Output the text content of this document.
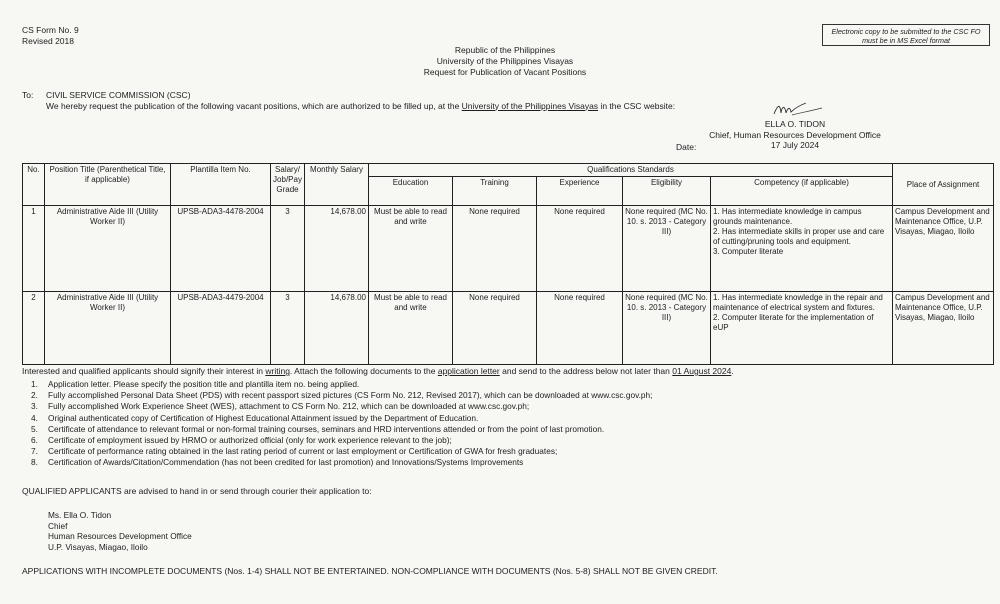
CS Form No. 9
Revised 2018
Electronic copy to be submitted to the CSC FO
must be in MS Excel format
Republic of the Philippines
University of the Philippines Visayas
Request for Publication of Vacant Positions
To: CIVIL SERVICE COMMISSION (CSC)
We hereby request the publication of the following vacant positions, which are authorized to be filled up, at the University of the Philippines Visayas in the CSC website:
ELLA O. TIDON
Chief, Human Resources Development Office
17 July 2024
Date:
No.	Position Title (Parenthetical Title, if applicable)	Plantilla Item No.	Salary/ Job/Pay Grade	Monthly Salary	Qualifications Standards	Place of Assignment
Education	Training	Experience	Eligibility	Competency (if applicable)
1	Administrative Aide III (Utility Worker II)	UPSB-ADA3-4478-2004	3	14,678.00	Must be able to read and write	None required	None required	None required (MC No. 10. s. 2013 - Category III)	
1. Has intermediate knowledge in campus grounds maintenance.
2. Has intermediate skills in proper use and care of cutting/pruning tools and equipment.
3. Computer literate
	Campus Development and Maintenance Office, U.P. Visayas, Miagao, Iloilo
2	Administrative Aide III (Utility Worker II)	UPSB-ADA3-4479-2004	3	14,678.00	Must be able to read and write	None required	None required	None required (MC No. 10. s. 2013 - Category III)	
1. Has intermediate knowledge in the repair and maintenance of electrical system and fixtures.
2. Computer literate for the implementation of eUP
	Campus Development and Maintenance Office, U.P. Visayas, Miagao, Iloilo
Interested and qualified applicants should signify their interest in writing. Attach the following documents to the application letter and send to the address below not later than 01 August 2024.
1. Application letter. Please specify the position title and plantilla item no. being applied.
2. Fully accomplished Personal Data Sheet (PDS) with recent passport sized pictures (CS Form No. 212, Revised 2017), which can be downloaded at www.csc.gov.ph;
3. Fully accomplished Work Experience Sheet (WES), attachment to CS Form No. 212, which can be downloaded at www.csc.gov.ph;
4. Original authenticated copy of Certification of Highest Educational Attainment issued by the Department of Education.
5. Certificate of attendance to relevant formal or non-formal training courses, seminars and HRD interventions attended or from the point of last promotion.
6. Certificate of employment issued by HRMO or authorized official (only for work experience relevant to the job);
7. Certificate of performance rating obtained in the last rating period of current or last employment or Certification of GWA for fresh graduates;
8. Certification of Awards/Citation/Commendation (has not been credited for last promotion) and Innovations/Systems Improvements
QUALIFIED APPLICANTS are advised to hand in or send through courier their application to:
Ms. Ella O. Tidon
Chief
Human Resources Development Office
U.P. Visayas, Miagao, Iloilo
APPLICATIONS WITH INCOMPLETE DOCUMENTS (Nos. 1-4) SHALL NOT BE ENTERTAINED. NON-COMPLIANCE WITH DOCUMENTS (Nos. 5-8) SHALL NOT BE GIVEN CREDIT.
